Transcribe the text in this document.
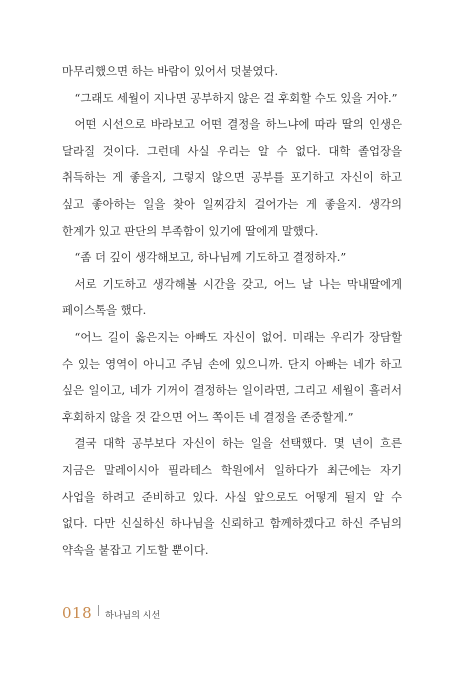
마무리했으면 하는 바람이 있어서 덧붙였다.

“그래도 세월이 지나면 공부하지 않은 걸 후회할 수도 있을 거야.”

어떤 시선으로 바라보고 어떤 결정을 하느냐에 따라 딸의 인생은 달라질 것이다. 그런데 사실 우리는 알 수 없다. 대학 졸업장을 취득하는 게 좋을지, 그렇지 않으면 공부를 포기하고 자신이 하고 싶고 좋아하는 일을 찾아 일찌감치 걸어가는 게 좋을지. 생각의 한계가 있고 판단의 부족함이 있기에 딸에게 말했다.

“좀 더 깊이 생각해보고, 하나님께 기도하고 결정하자.”

서로 기도하고 생각해볼 시간을 갖고, 어느 날 나는 막내딸에게 페이스톡을 했다.

“어느 길이 옳은지는 아빠도 자신이 없어. 미래는 우리가 장담할 수 있는 영역이 아니고 주님 손에 있으니까. 단지 아빠는 네가 하고 싶은 일이고, 네가 기꺼이 결정하는 일이라면, 그리고 세월이 흘러서 후회하지 않을 것 같으면 어느 쪽이든 네 결정을 존중할게.”

결국 대학 공부보다 자신이 하는 일을 선택했다. 몇 년이 흐른 지금은 말레이시아 필라테스 학원에서 일하다가 최근에는 자기 사업을 하려고 준비하고 있다. 사실 앞으로도 어떻게 될지 알 수 없다. 다만 신실하신 하나님을 신뢰하고 함께하겠다고 하신 주님의 약속을 붙잡고 기도할 뿐이다.

018 하나님의 시선
